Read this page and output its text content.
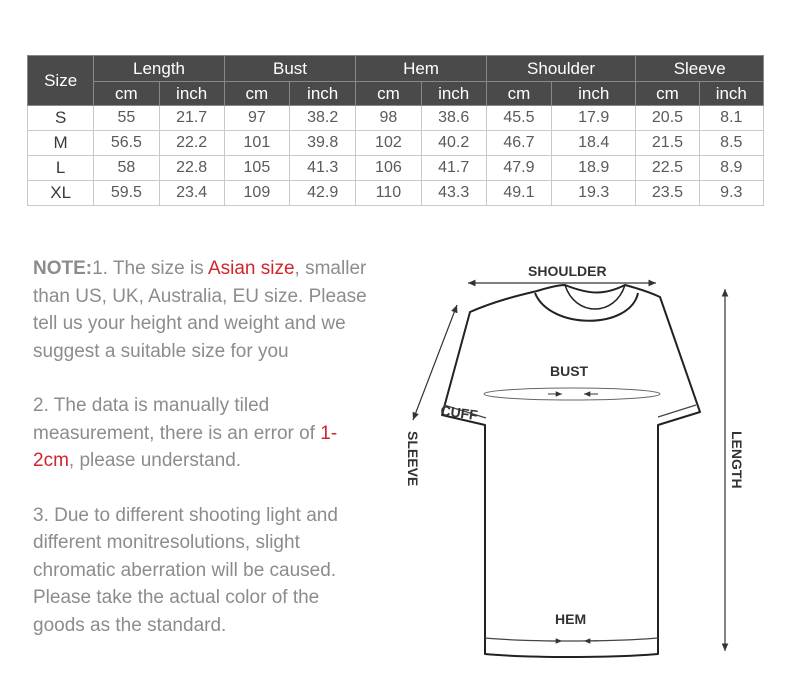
Size	Length		Bust		Hem		Shoulder		Sleeve	
	cm	inch	cm	inch	cm	inch	cm	inch	cm	inch
S	55	21.7	97	38.2	98	38.6	45.5	17.9	20.5	8.1
M	56.5	22.2	101	39.8	102	40.2	46.7	18.4	21.5	8.5
L	58	22.8	105	41.3	106	41.7	47.9	18.9	22.5	8.9
XL	59.5	23.4	109	42.9	110	43.3	49.1	19.3	23.5	9.3

NOTE:1. The size is Asian size, smaller than US, UK, Australia, EU size. Please tell us your height and weight and we suggest a suitable size for you

2. The data is manually tiled measurement, there is an error of 1-2cm, please understand.

3. Due to different shooting light and different monitresolutions, slight chromatic aberration will be caused. Please take the actual color of the goods as the standard.

SHOULDER
BUST
CUFF
SLEEVE	LENGTH
HEM
